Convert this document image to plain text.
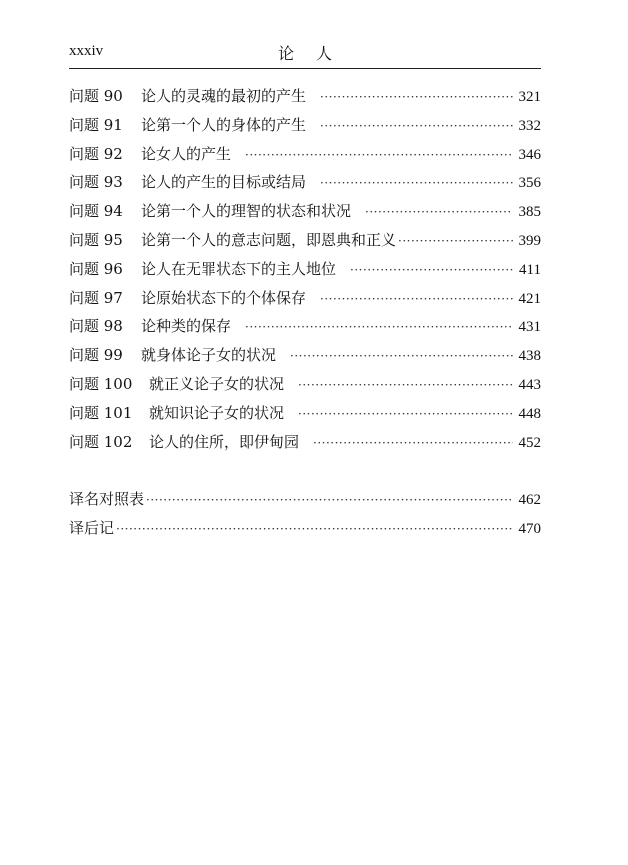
xxxiv	论人
问题 90	论人的灵魂的最初的产生 ·····	321
问题 91	论第一个人的身体的产生 ·····	332
问题 92	论女人的产生 ·····	346
问题 93	论人的产生的目标或结局 ·····	356
问题 94	论第一个人的理智的状态和状况 ·····	385
问题 95	论第一个人的意志问题，即恩典和正义 ·····	399
问题 96	论人在无罪状态下的主人地位 ·····	411
问题 97	论原始状态下的个体保存 ·····	421
问题 98	论种类的保存 ·····	431
问题 99	就身体论子女的状况 ·····	438
问题 100	就正义论子女的状况 ·····	443
问题 101	就知识论子女的状况 ·····	448
问题 102	论人的住所，即伊甸园 ·····	452
译名对照表 ·····	462
译后记 ·····	470
